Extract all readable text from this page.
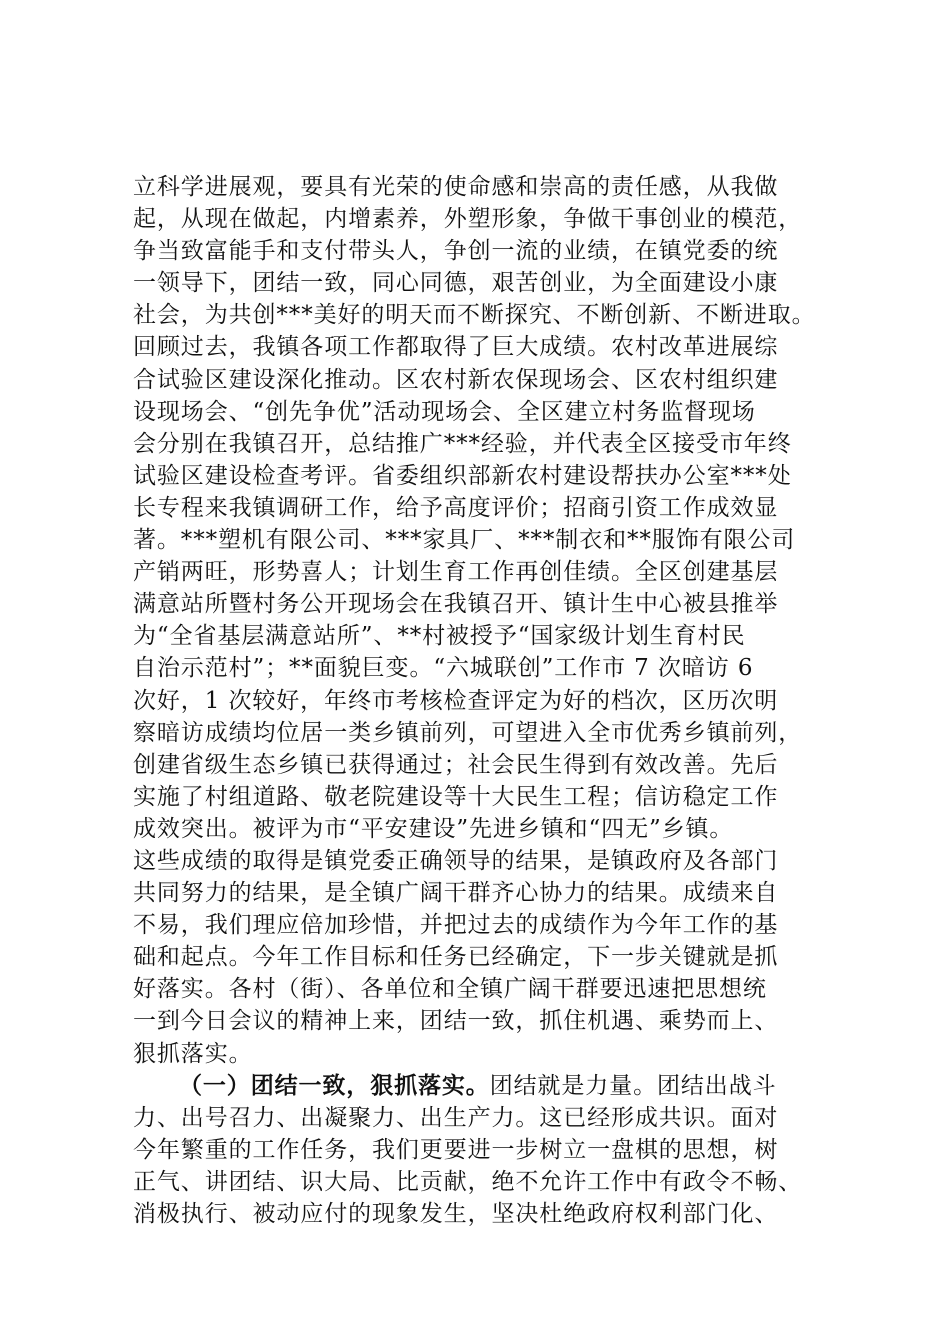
立科学进展观，要具有光荣的使命感和崇高的责任感，从我做
起，从现在做起，内增素养，外塑形象，争做干事创业的模范，
争当致富能手和支付带头人，争创一流的业绩，在镇党委的统
一领导下，团结一致，同心同德，艰苦创业，为全面建设小康
社会，为共创***美好的明天而不断探究、不断创新、不断进取。
回顾过去，我镇各项工作都取得了巨大成绩。农村改革进展综
合试验区建设深化推动。区农村新农保现场会、区农村组织建
设现场会、“创先争优”活动现场会、全区建立村务监督现场
会分别在我镇召开，总结推广***经验，并代表全区接受市年终
试验区建设检查考评。省委组织部新农村建设帮扶办公室***处
长专程来我镇调研工作，给予高度评价；招商引资工作成效显
著。***塑机有限公司、***家具厂、***制衣和**服饰有限公司
产销两旺，形势喜人；计划生育工作再创佳绩。全区创建基层
满意站所暨村务公开现场会在我镇召开、镇计生中心被县推举
为“全省基层满意站所”、**村被授予“国家级计划生育村民
自治示范村”；**面貌巨变。“六城联创”工作市 7 次暗访 6
次好，1 次较好，年终市考核检查评定为好的档次，区历次明
察暗访成绩均位居一类乡镇前列，可望进入全市优秀乡镇前列，
创建省级生态乡镇已获得通过；社会民生得到有效改善。先后
实施了村组道路、敬老院建设等十大民生工程；信访稳定工作
成效突出。被评为市“平安建设”先进乡镇和“四无”乡镇。
这些成绩的取得是镇党委正确领导的结果，是镇政府及各部门
共同努力的结果，是全镇广阔干群齐心协力的结果。成绩来自
不易，我们理应倍加珍惜，并把过去的成绩作为今年工作的基
础和起点。今年工作目标和任务已经确定，下一步关键就是抓
好落实。各村（街）、各单位和全镇广阔干群要迅速把思想统
一到今日会议的精神上来，团结一致，抓住机遇、乘势而上、
狠抓落实。
（一）团结一致，狠抓落实。团结就是力量。团结出战斗
力、出号召力、出凝聚力、出生产力。这已经形成共识。面对
今年繁重的工作任务，我们更要进一步树立一盘棋的思想，树
正气、讲团结、识大局、比贡献，绝不允许工作中有政令不畅、
消极执行、被动应付的现象发生，坚决杜绝政府权利部门化、
